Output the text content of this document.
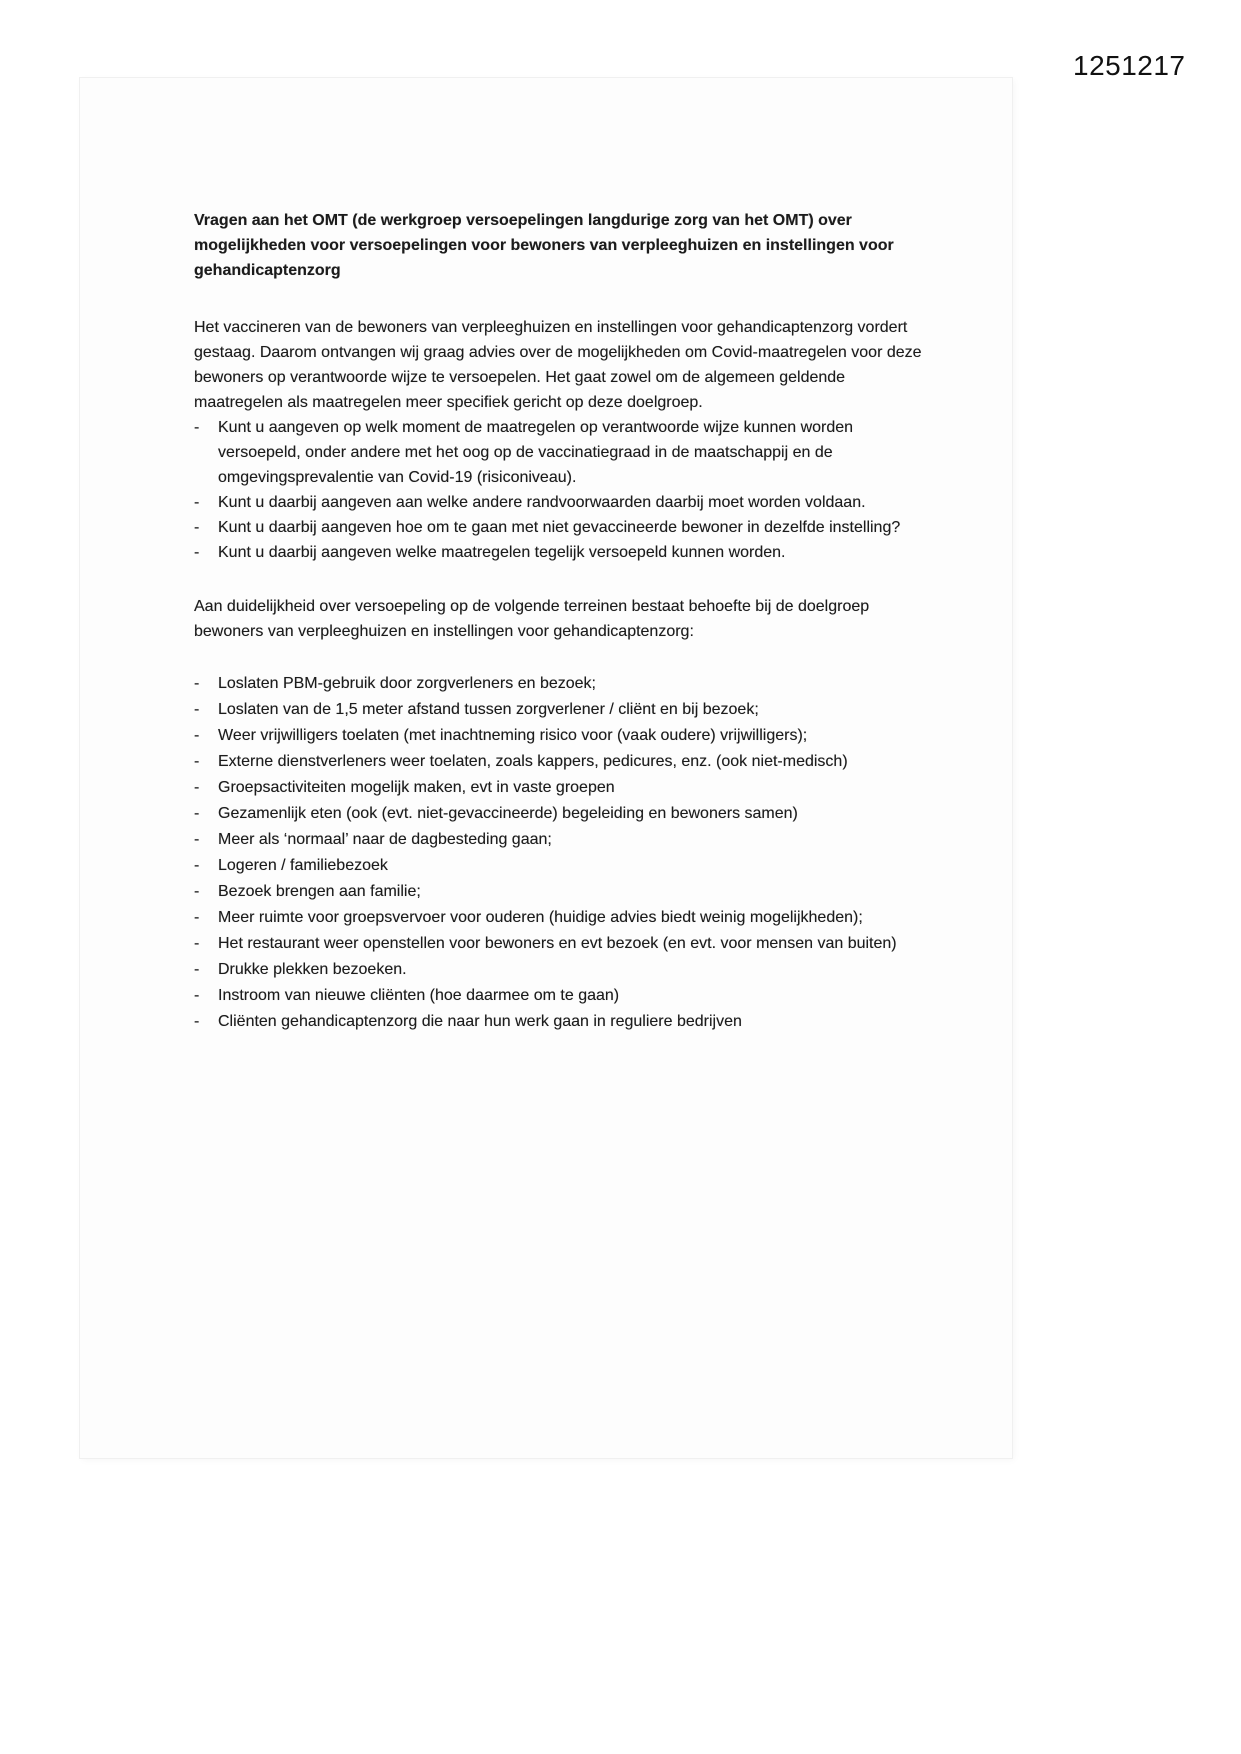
1251217
Vragen aan het OMT (de werkgroep versoepelingen langdurige zorg van het OMT) over mogelijkheden voor versoepelingen voor bewoners van verpleeghuizen en instellingen voor gehandicaptenzorg

Het vaccineren van de bewoners van verpleeghuizen en instellingen voor gehandicaptenzorg vordert gestaag. Daarom ontvangen wij graag advies over de mogelijkheden om Covid-maatregelen voor deze bewoners op verantwoorde wijze te versoepelen. Het gaat zowel om de algemeen geldende maatregelen als maatregelen meer specifiek gericht op deze doelgroep.

-	Kunt u aangeven op welk moment de maatregelen op verantwoorde wijze kunnen worden versoepeld, onder andere met het oog op de vaccinatiegraad in de maatschappij en de omgevingsprevalentie van Covid-19 (risiconiveau).
-	Kunt u daarbij aangeven aan welke andere randvoorwaarden daarbij moet worden voldaan.
-	Kunt u daarbij aangeven hoe om te gaan met niet gevaccineerde bewoner in dezelfde instelling?
-	Kunt u daarbij aangeven welke maatregelen tegelijk versoepeld kunnen worden.

Aan duidelijkheid over versoepeling op de volgende terreinen bestaat behoefte bij de doelgroep bewoners van verpleeghuizen en instellingen voor gehandicaptenzorg:

-	Loslaten PBM-gebruik door zorgverleners en bezoek;
-	Loslaten van de 1,5 meter afstand tussen zorgverlener / cliënt en bij bezoek;
-	Weer vrijwilligers toelaten (met inachtneming risico voor (vaak oudere) vrijwilligers);
-	Externe dienstverleners weer toelaten, zoals kappers, pedicures, enz. (ook niet-medisch)
-	Groepsactiviteiten mogelijk maken, evt in vaste groepen
-	Gezamenlijk eten (ook (evt. niet-gevaccineerde) begeleiding en bewoners samen)
-	Meer als ‘normaal’ naar de dagbesteding gaan;
-	Logeren / familiebezoek
-	Bezoek brengen aan familie;
-	Meer ruimte voor groepsvervoer voor ouderen (huidige advies biedt weinig mogelijkheden);
-	Het restaurant weer openstellen voor bewoners en evt bezoek (en evt. voor mensen van buiten)
-	Drukke plekken bezoeken.
-	Instroom van nieuwe cliënten (hoe daarmee om te gaan)
-	Cliënten gehandicaptenzorg die naar hun werk gaan in reguliere bedrijven
